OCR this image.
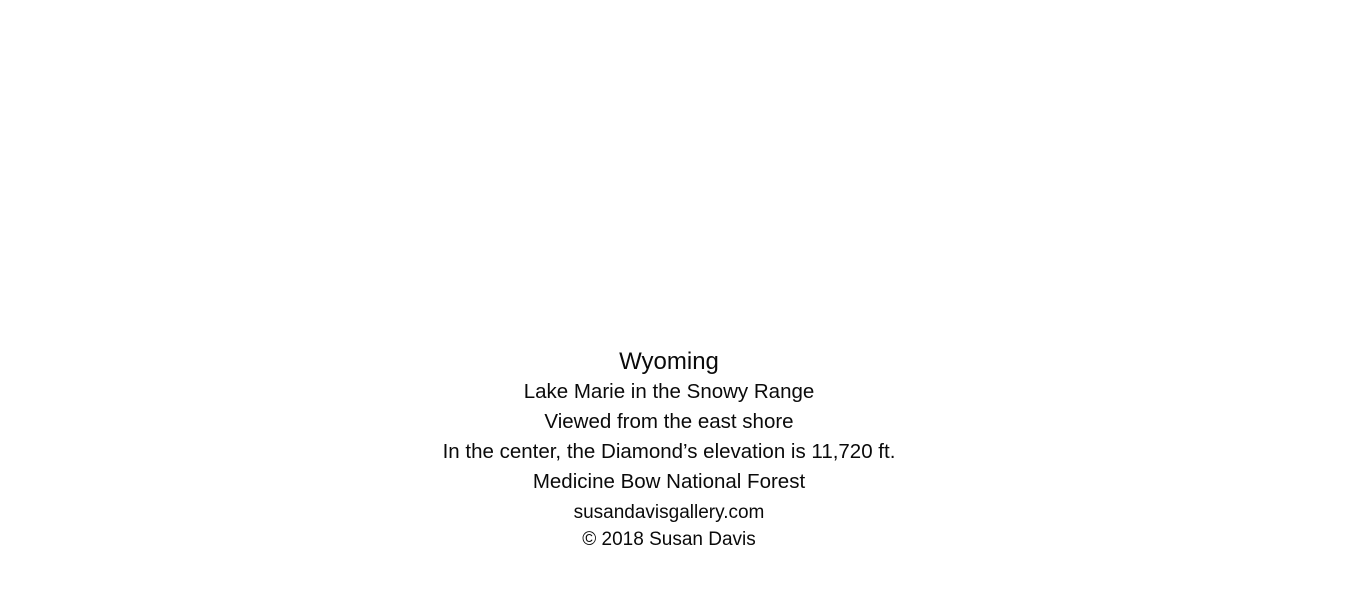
Wyoming

Lake Marie in the Snowy Range

Viewed from the east shore

In the center, the Diamond’s elevation is 11,720 ft.

Medicine Bow National Forest

susandavisgallery.com

© 2018 Susan Davis
